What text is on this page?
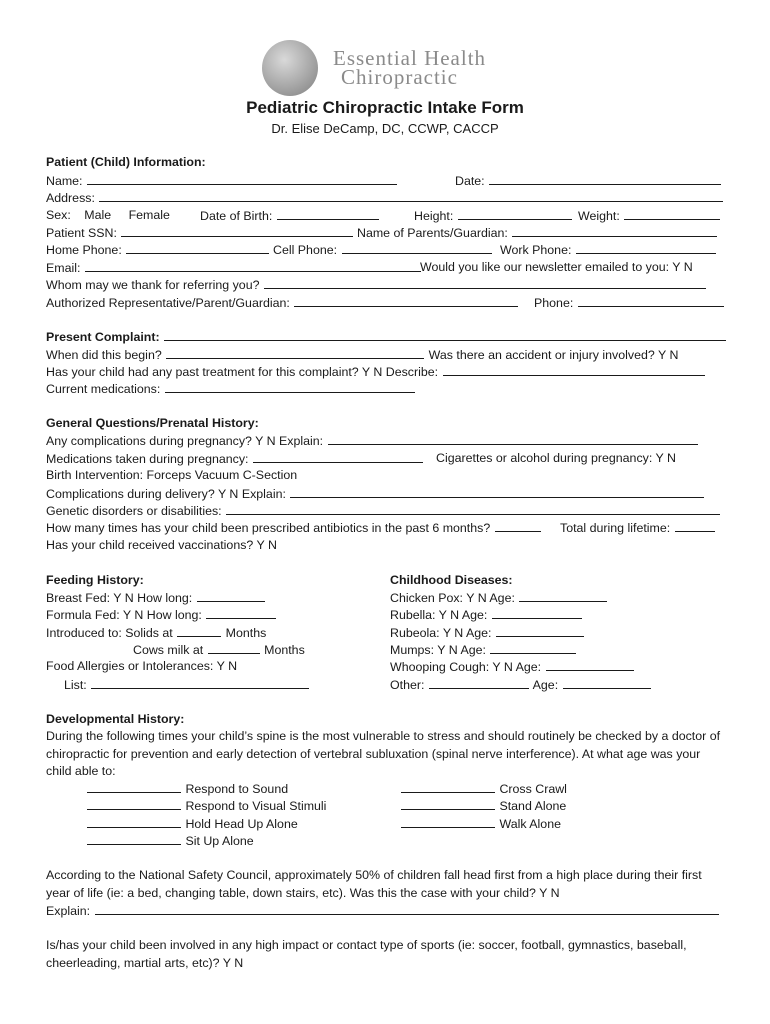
Essential Health
Chiropractic
Pediatric Chiropractic Intake Form
Dr. Elise DeCamp, DC, CCWP, CACCP
Patient (Child) Information:
Name:	Date:
Address:
Sex: Male Female Date of Birth:	Height:	Weight:
Patient SSN:	Name of Parents/Guardian:
Home Phone:	Cell Phone:	Work Phone:
Email:	Would you like our newsletter emailed to you: Y N
Whom may we thank for referring you?
Authorized Representative/Parent/Guardian:	Phone:
Present Complaint:
When did this begin?	Was there an accident or injury involved? Y N
Has your child had any past treatment for this complaint? Y N Describe:
Current medications:
General Questions/Prenatal History:
Any complications during pregnancy? Y N Explain:
Medications taken during pregnancy:	Cigarettes or alcohol during pregnancy: Y N
Birth Intervention: Forceps Vacuum C-Section
Complications during delivery? Y N Explain:
Genetic disorders or disabilities:
How many times has your child been prescribed antibiotics in the past 6 months?	Total during lifetime:
Has your child received vaccinations? Y N
Feeding History:
Breast Fed: Y N How long:
Formula Fed: Y N How long:
Introduced to: Solids at	Months
Cows milk at	Months
Food Allergies or Intolerances: Y N
List:
Childhood Diseases:
Chicken Pox: Y N Age:
Rubella: Y N Age:
Rubeola: Y N Age:
Mumps: Y N Age:
Whooping Cough: Y N Age:
Other:	Age:
Developmental History:
During the following times your child’s spine is the most vulnerable to stress and should routinely be checked by a doctor of chiropractic for prevention and early detection of vertebral subluxation (spinal nerve interference). At what age was your child able to:
Respond to Sound
Respond to Visual Stimuli
Hold Head Up Alone
Sit Up Alone
Cross Crawl
Stand Alone
Walk Alone
According to the National Safety Council, approximately 50% of children fall head first from a high place during their first year of life (ie: a bed, changing table, down stairs, etc). Was this the case with your child? Y N
Explain:
Is/has your child been involved in any high impact or contact type of sports (ie: soccer, football, gymnastics, baseball, cheerleading, martial arts, etc)? Y N
